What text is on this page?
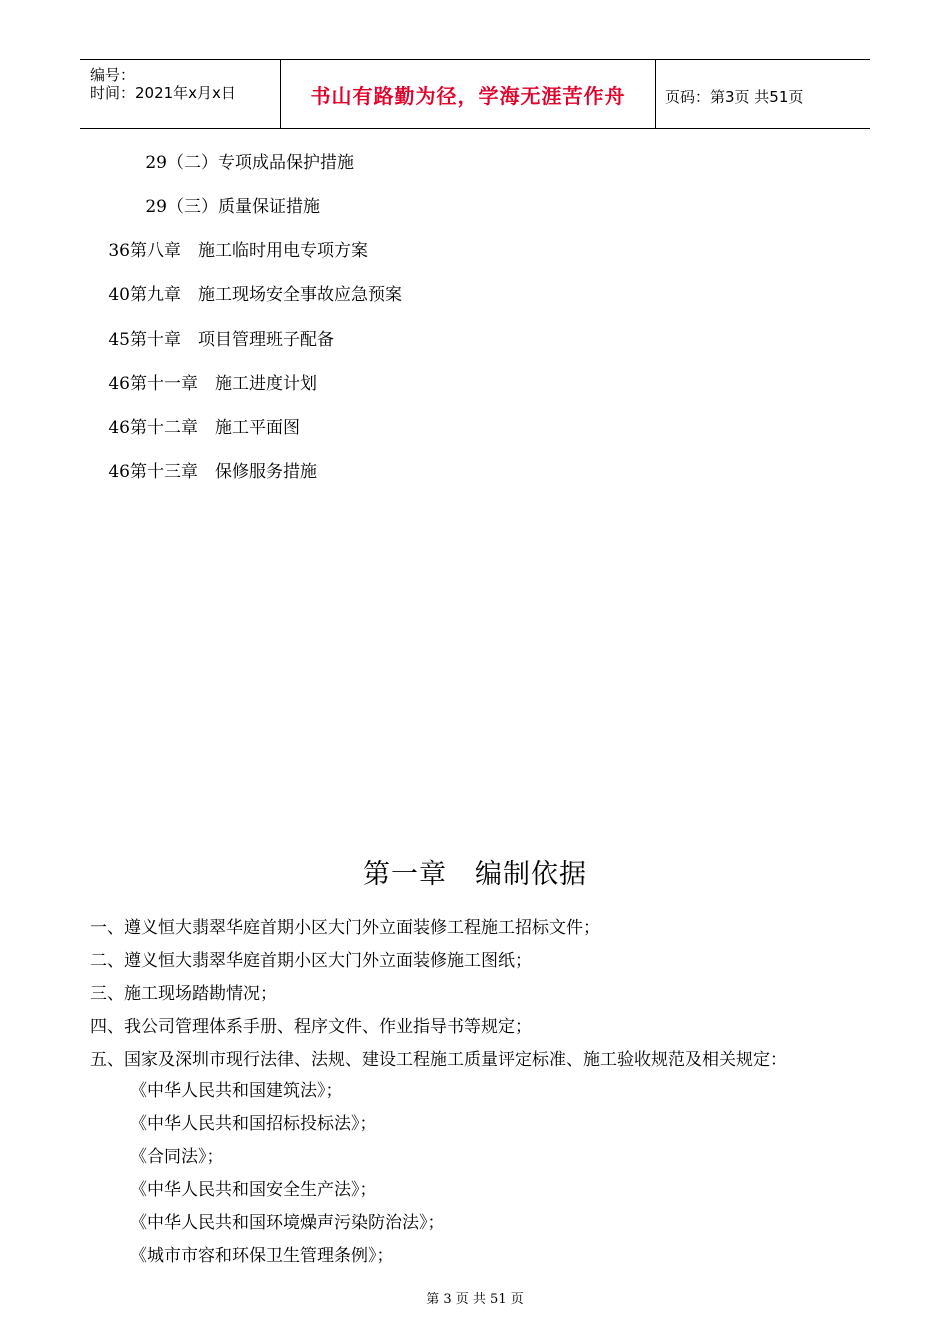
编号：
时间：2021年x月x日	书山有路勤为径，学海无涯苦作舟	页码：第3页 共51页
（二）专项成品保护措施
29
（三）质量保证措施
29
第八章　施工临时用电专项方案
36
第九章　施工现场安全事故应急预案
40
第十章　项目管理班子配备
45
第十一章　施工进度计划
46
第十二章　施工平面图
46
第十三章　保修服务措施
46
第一章　编制依据
一、遵义恒大翡翠华庭首期小区大门外立面装修工程施工招标文件；
二、遵义恒大翡翠华庭首期小区大门外立面装修施工图纸；
三、施工现场踏勘情况；
四、我公司管理体系手册、程序文件、作业指导书等规定；
五、国家及深圳市现行法律、法规、建设工程施工质量评定标准、施工验收规范及相关规定：
《中华人民共和国建筑法》；
《中华人民共和国招标投标法》；
《合同法》；
《中华人民共和国安全生产法》；
《中华人民共和国环境燥声污染防治法》；
《城市市容和环保卫生管理条例》；
第 3 页 共 51 页
